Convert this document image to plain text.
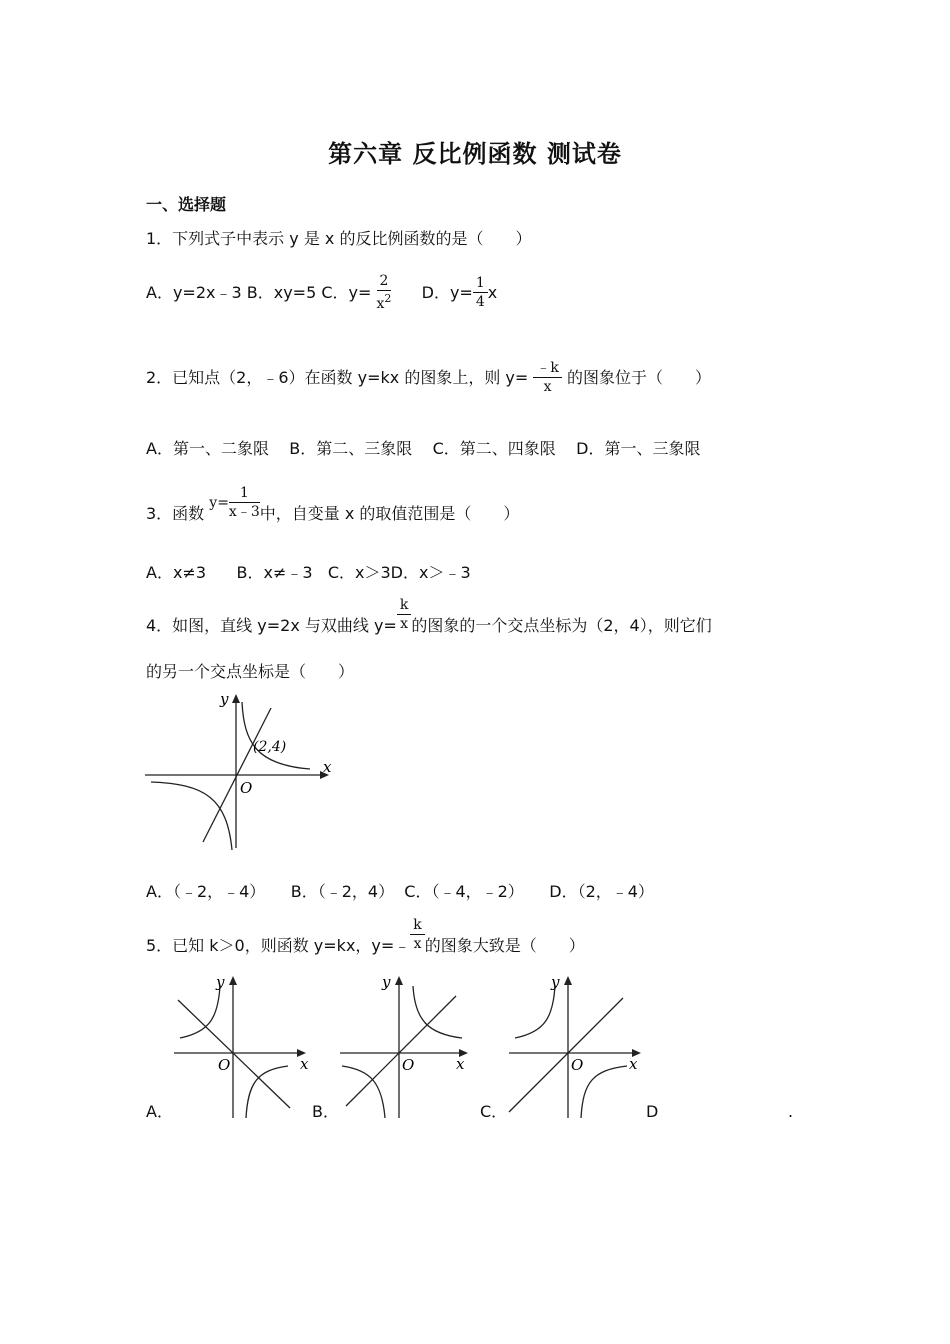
第六章 反比例函数 测试卷
一、选择题
1．下列式子中表示 y 是 x 的反比例函数的是（　　）
A．y=2x﹣3 B．xy=5 C．$y= \frac{2}{x^2}$ D．$y= \frac{1}{4}$ x
2．已知点（2，﹣6）在函数 y=kx 的图象上，则 $y= \frac{﹣k}{x}$ 的图象位于（　　）
A．第一、二象限 B．第二、三象限 C．第二、四象限 D．第一、三象限
3．函数 $y= \frac{1}{x﹣3}$ 中，自变量 x 的取值范围是（　　）
A．x≠3 B．x≠﹣3 C．x＞3D．x＞﹣3
4．如图，直线 y=2x 与双曲线 $y= \frac{k}{x}$ 的图象的一个交点坐标为（2，4），则它们
的另一个交点坐标是（　　）
(2,4)
x
y
O
A．（﹣2，﹣4） B．（﹣2，4） C．（﹣4，﹣2） D．（2，﹣4）
5．已知 k＞0，则函数 y=kx，y=﹣ $\frac{k}{x}$ 的图象大致是（　　）
x
y
O	x
y
O	x
y
O
A．	B．	C．	D	.
